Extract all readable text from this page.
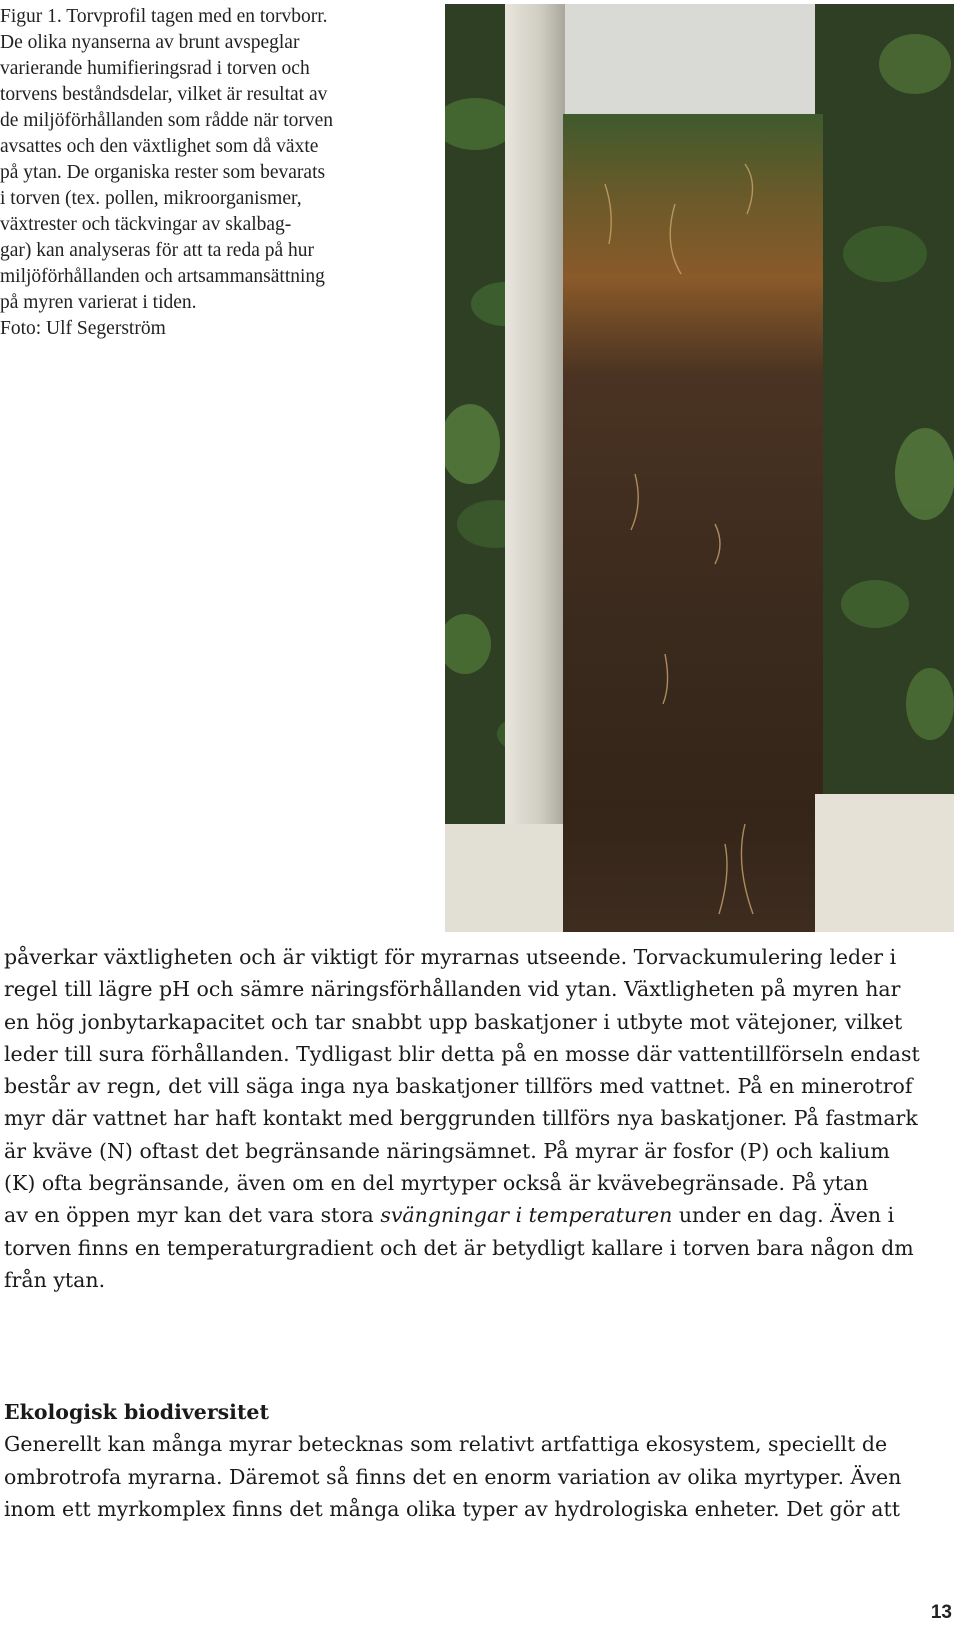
Figur 1. Torvprofil tagen med en torvborr.
De olika nyanserna av brunt avspeglar
varierande humifieringsrad i torven och
torvens beståndsdelar, vilket är resultat av
de miljöförhållanden som rådde när torven
avsattes och den växtlighet som då växte
på ytan. De organiska rester som bevarats
i torven (tex. pollen, mikroorganismer,
växtrester och täckvingar av skalbag-
gar) kan analyseras för att ta reda på hur
miljöförhållanden och artsammansättning
på myren varierat i tiden.
Foto: Ulf Segerström
påverkar växtligheten och är viktigt för myrarnas utseende. Torvackumulering leder i
regel till lägre pH och sämre näringsförhållanden vid ytan. Växtligheten på myren har
en hög jonbytarkapacitet och tar snabbt upp baskatjoner i utbyte mot vätejoner, vilket
leder till sura förhållanden. Tydligast blir detta på en mosse där vattentillförseln endast
består av regn, det vill säga inga nya baskatjoner tillförs med vattnet. På en minerotrof
myr där vattnet har haft kontakt med berggrunden tillförs nya baskatjoner. På fastmark
är kväve (N) oftast det begränsande näringsämnet. På myrar är fosfor (P) och kalium
(K) ofta begränsande, även om en del myrtyper också är kvävebegränsade. På ytan
av en öppen myr kan det vara stora svängningar i temperaturen under en dag. Även i
torven finns en temperaturgradient och det är betydligt kallare i torven bara någon dm
från ytan.
Ekologisk biodiversitet
Generellt kan många myrar betecknas som relativt artfattiga ekosystem, speciellt de
ombrotrofa myrarna. Däremot så finns det en enorm variation av olika myrtyper. Även
inom ett myrkomplex finns det många olika typer av hydrologiska enheter. Det gör att
13
